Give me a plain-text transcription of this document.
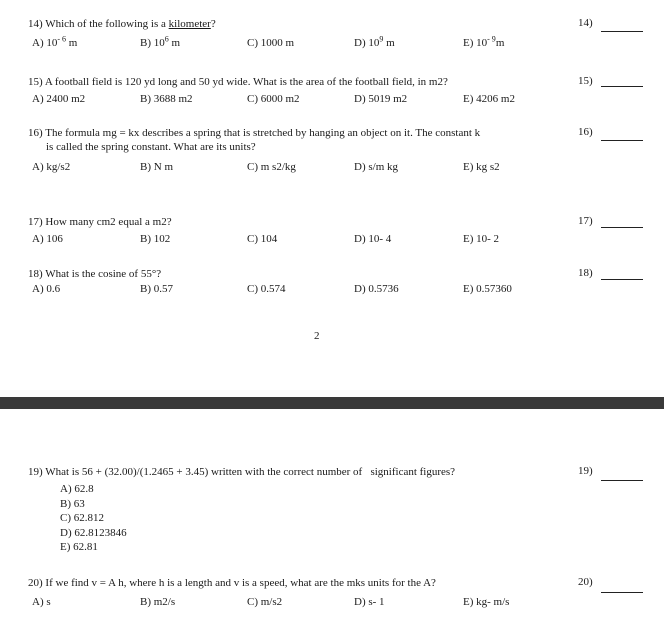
14) Which of the following is a kilometer?
A) $10^{- 6}$ m	B) $10^6$ m	C) 1000 m	D) $10^9$ m	E) $10^{- 9}m$
14)
15) A football field is 120 yd long and 50 yd wide. What is the area of the football field, in m2?
A) 2400 m2	B) 3688 m2	C) 6000 m2	D) 5019 m2	E) 4206 m2
15)
16) The formula mg = kx describes a spring that is stretched by hanging an object on it. The constant k
is called the spring constant. What are its units?
A) kg/s2	B) N m	C) m s2/kg	D) s/m kg	E) kg s2
16)
17) How many cm2 equal a m2?
A) 106	B) 102	C) 104	D) 10- 4	E) 10- 2
17)
18) What is the cosine of 55°?
A) 0.6	B) 0.57	C) 0.574	D) 0.5736	E) 0.57360
18)
2
19) What is 56 + (32.00)/(1.2465 + 3.45) written with the correct number of   significant figures?
A) 62.8
B) 63
C) 62.812
D) 62.8123846
E) 62.81
19)
20) If we find v = A h, where h is a length and v is a speed, what are the mks units for the A?
A) s	B) m2/s	C) m/s2	D) s- 1	E) kg- m/s
20)
